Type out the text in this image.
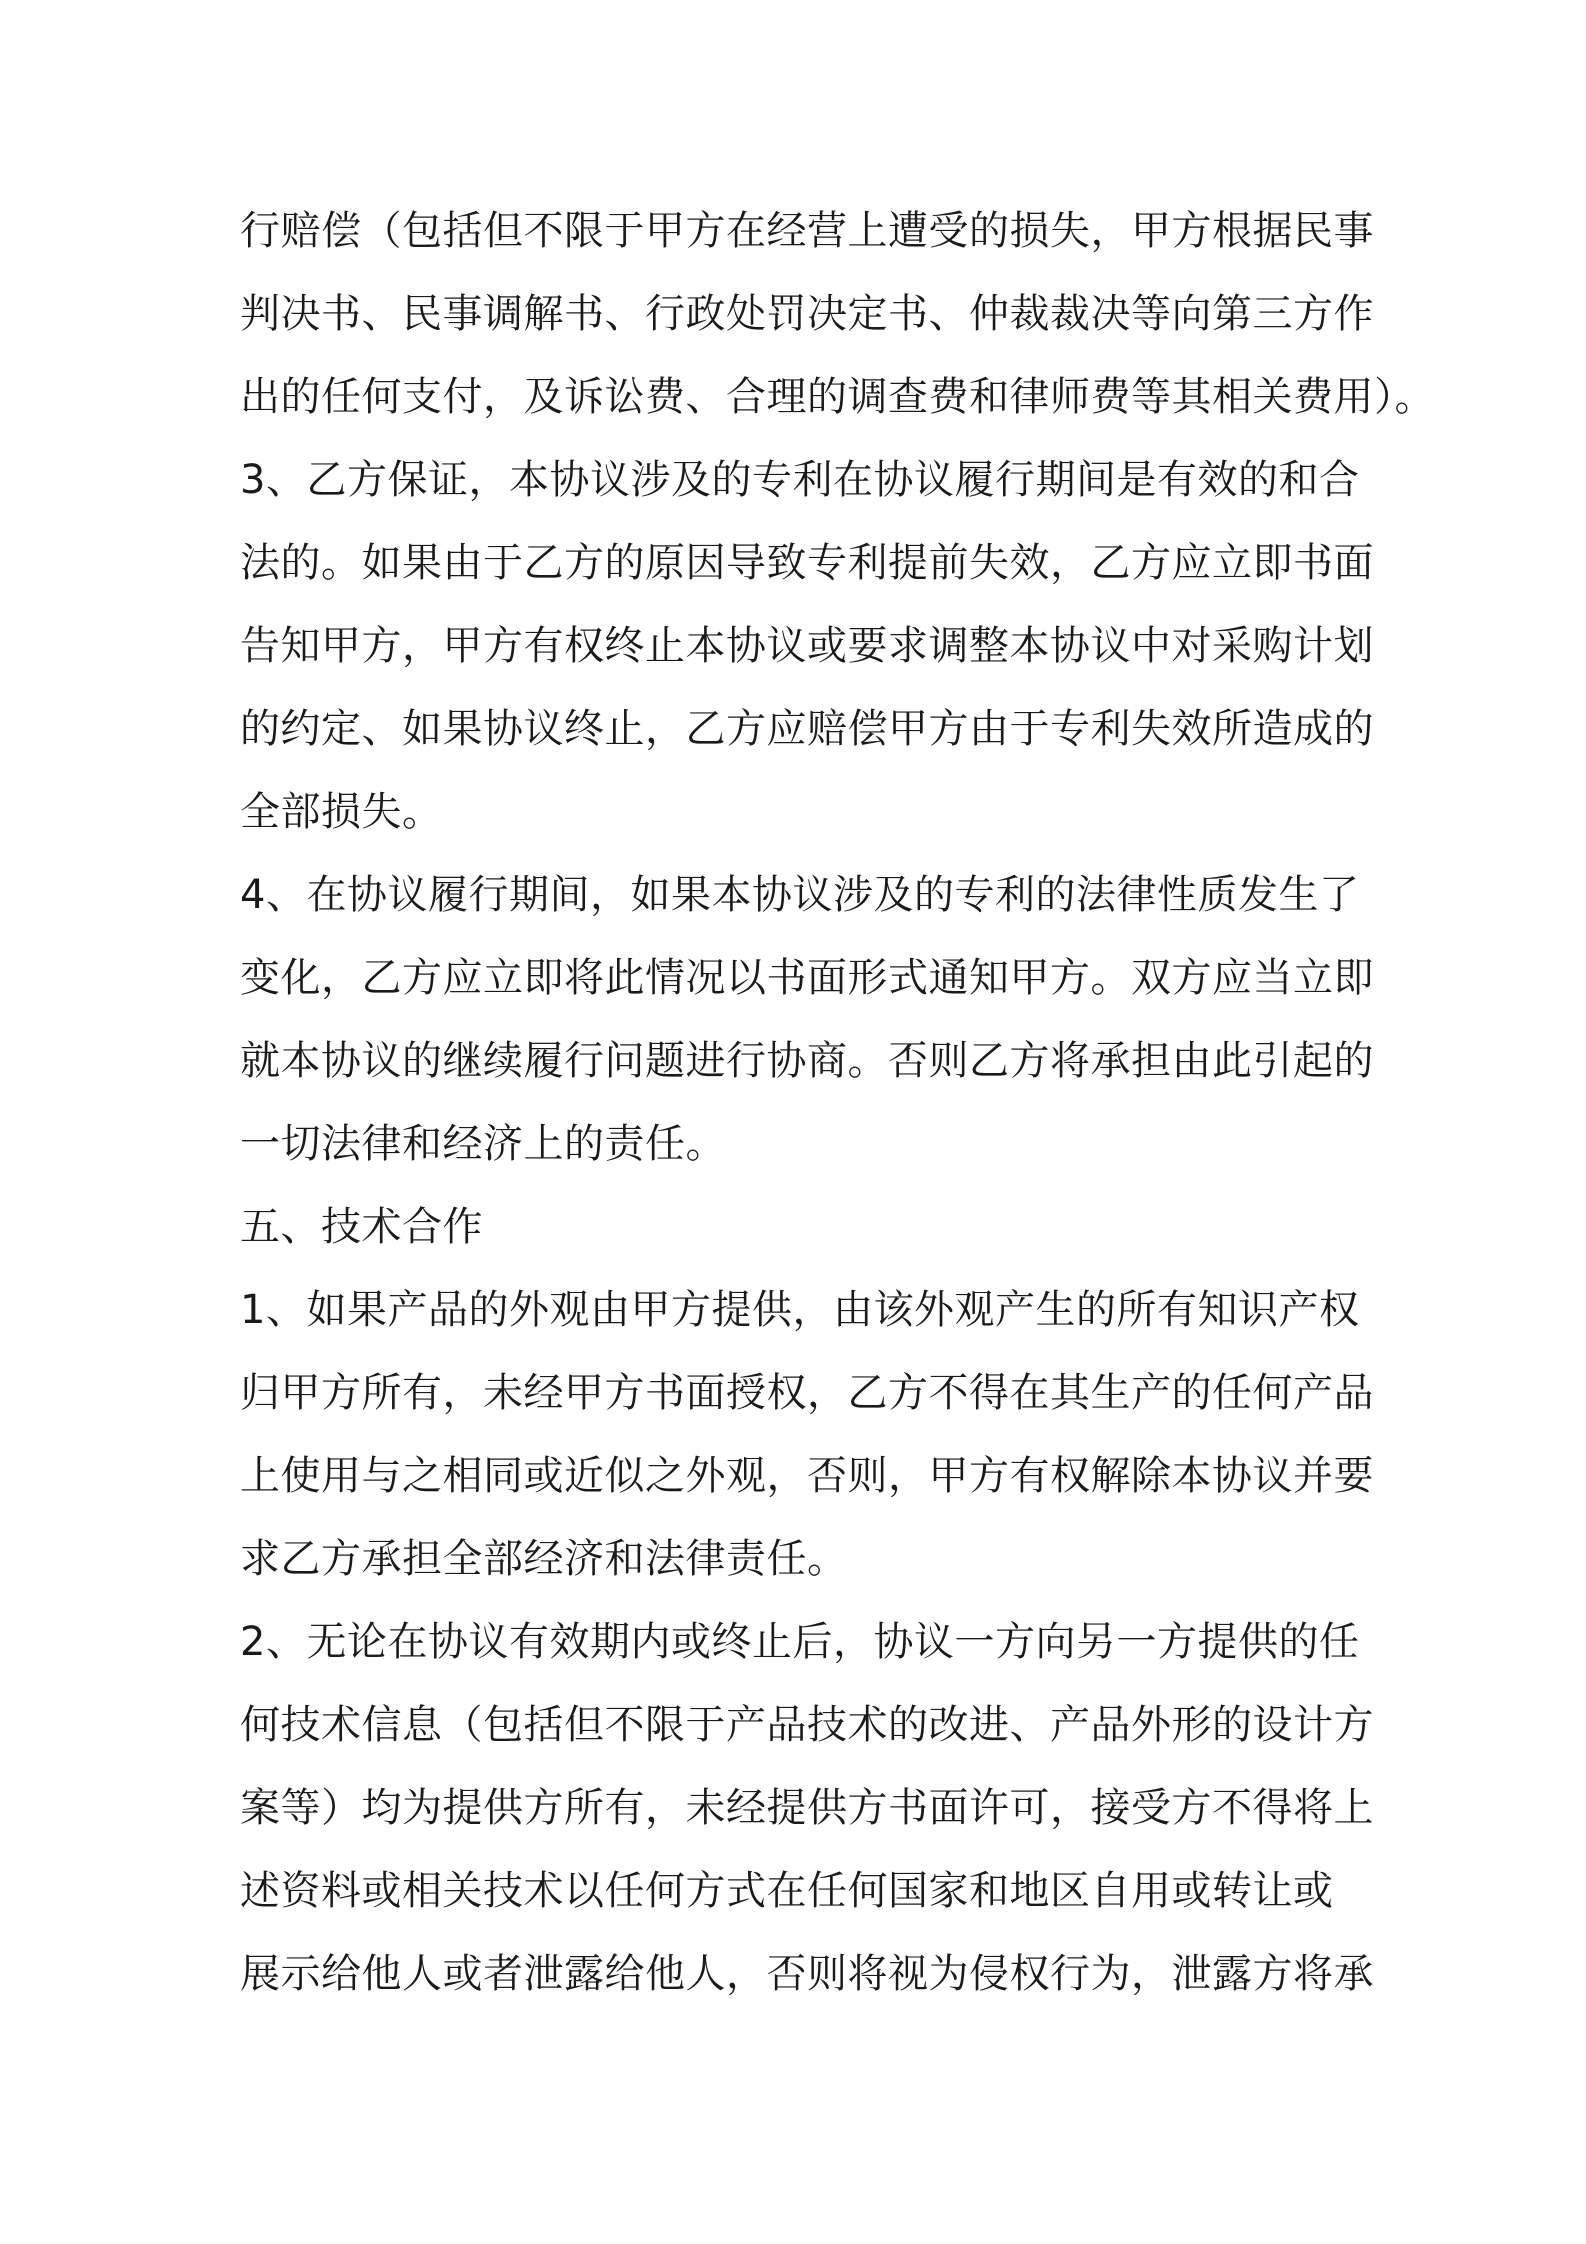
行赔偿（包括但不限于甲方在经营上遭受的损失，甲方根据民事
判决书、民事调解书、行政处罚决定书、仲裁裁决等向第三方作
出的任何支付，及诉讼费、合理的调查费和律师费等其相关费用）。
3、乙方保证，本协议涉及的专利在协议履行期间是有效的和合
法的。如果由于乙方的原因导致专利提前失效，乙方应立即书面
告知甲方，甲方有权终止本协议或要求调整本协议中对采购计划
的约定、如果协议终止，乙方应赔偿甲方由于专利失效所造成的
全部损失。
4、在协议履行期间，如果本协议涉及的专利的法律性质发生了
变化，乙方应立即将此情况以书面形式通知甲方。双方应当立即
就本协议的继续履行问题进行协商。否则乙方将承担由此引起的
一切法律和经济上的责任。
五、技术合作
1、如果产品的外观由甲方提供，由该外观产生的所有知识产权
归甲方所有，未经甲方书面授权，乙方不得在其生产的任何产品
上使用与之相同或近似之外观，否则，甲方有权解除本协议并要
求乙方承担全部经济和法律责任。
2、无论在协议有效期内或终止后，协议一方向另一方提供的任
何技术信息（包括但不限于产品技术的改进、产品外形的设计方
案等）均为提供方所有，未经提供方书面许可，接受方不得将上
述资料或相关技术以任何方式在任何国家和地区自用或转让或
展示给他人或者泄露给他人，否则将视为侵权行为，泄露方将承
